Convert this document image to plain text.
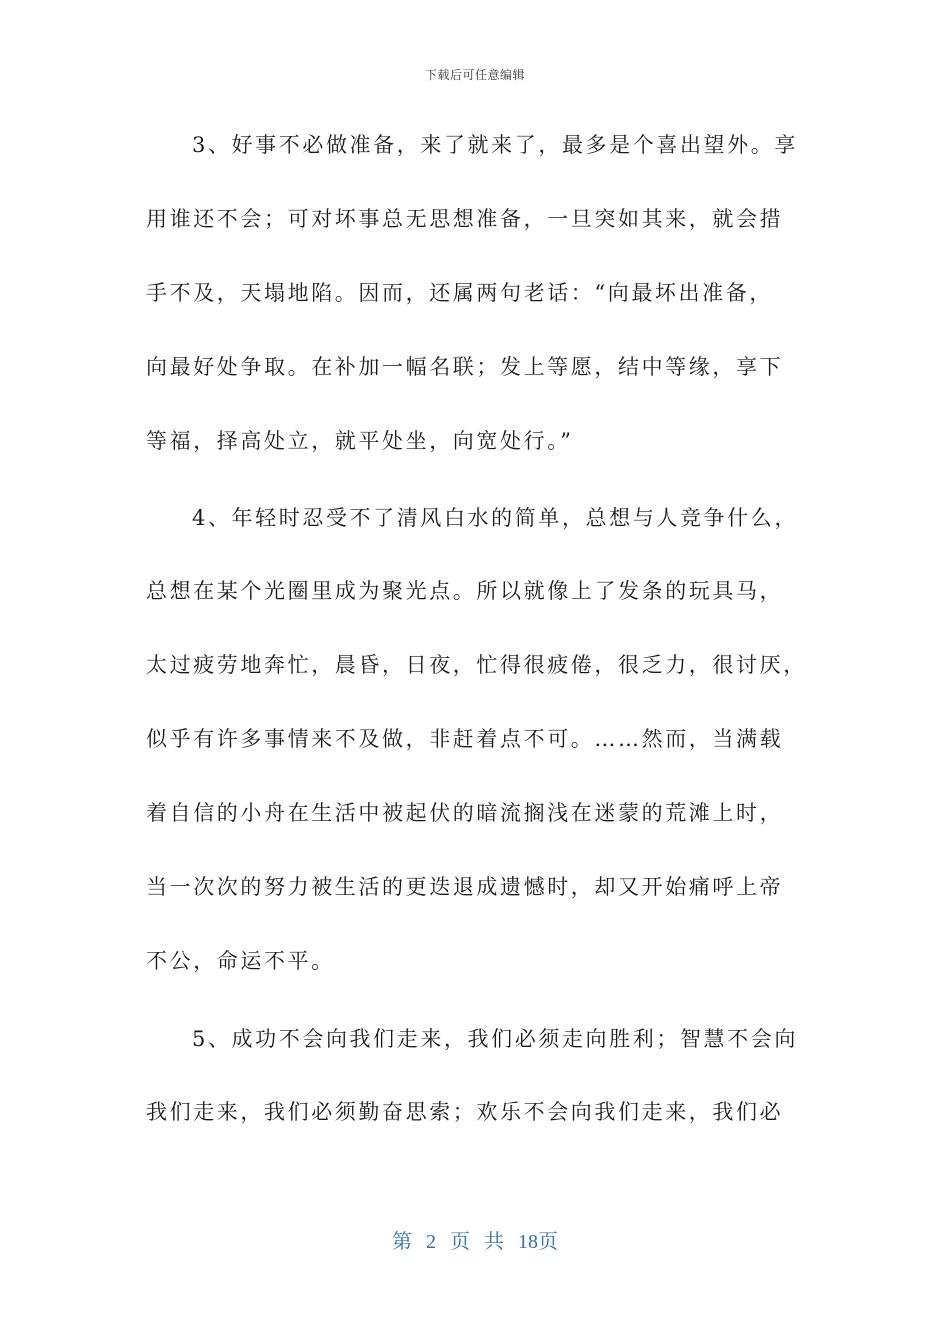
下载后可任意编辑
3、好事不必做准备，来了就来了，最多是个喜出望外。享
用谁还不会；可对坏事总无思想准备，一旦突如其来，就会措
手不及，天塌地陷。因而，还属两句老话：“向最坏出准备，
向最好处争取。在补加一幅名联；发上等愿，结中等缘，享下
等福，择高处立，就平处坐，向宽处行。”
4、年轻时忍受不了清风白水的简单，总想与人竞争什么，
总想在某个光圈里成为聚光点。所以就像上了发条的玩具马，
太过疲劳地奔忙，晨昏，日夜，忙得很疲倦，很乏力，很讨厌，
似乎有许多事情来不及做，非赶着点不可。……然而，当满载
着自信的小舟在生活中被起伏的暗流搁浅在迷蒙的荒滩上时，
当一次次的努力被生活的更迭退成遗憾时，却又开始痛呼上帝
不公，命运不平。
5、成功不会向我们走来，我们必须走向胜利；智慧不会向
我们走来，我们必须勤奋思索；欢乐不会向我们走来，我们必
第 2 页 共 18页
